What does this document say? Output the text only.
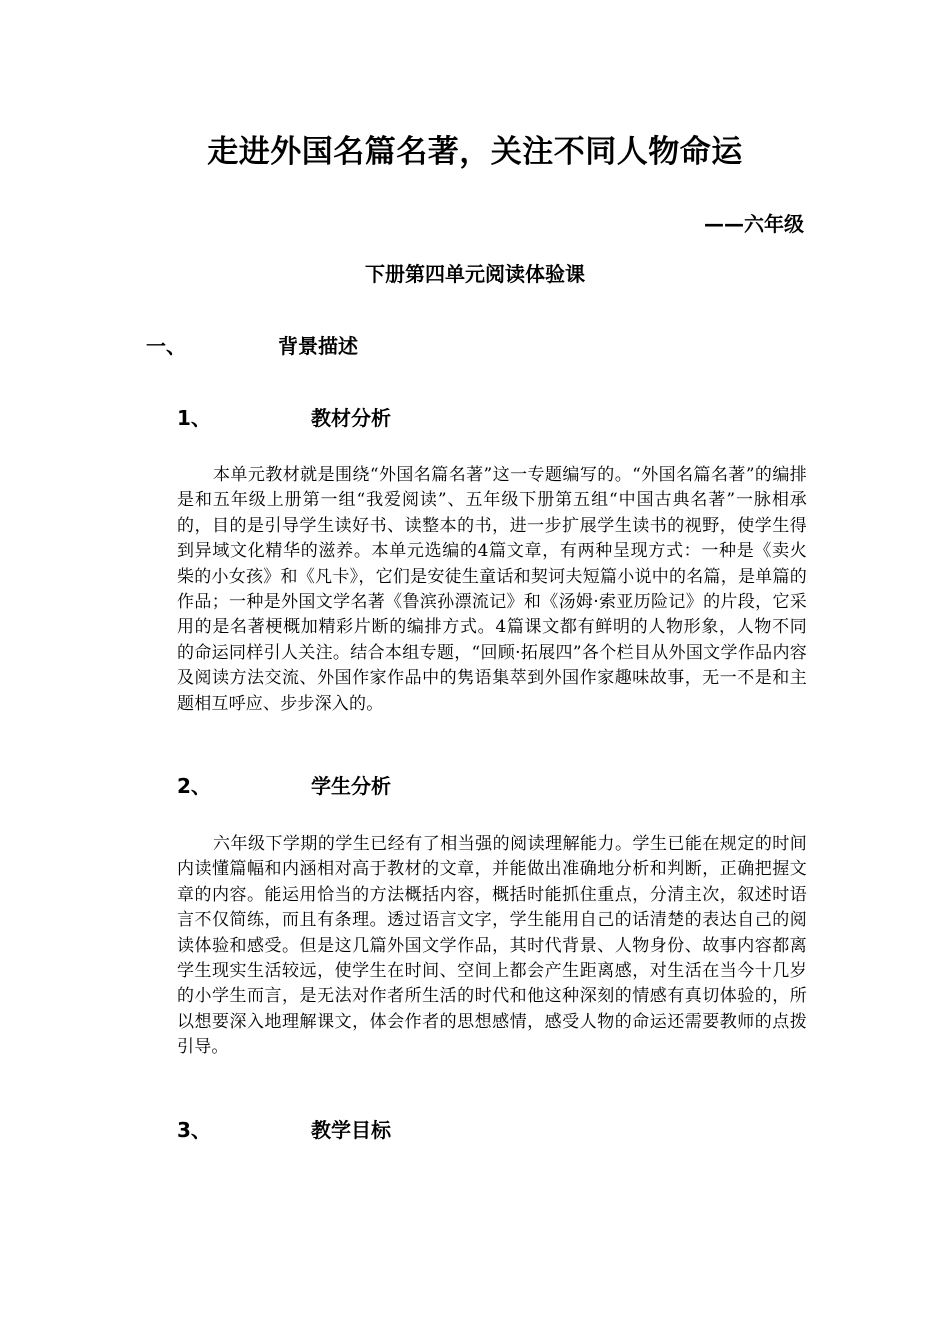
走进外国名篇名著，关注不同人物命运
——六年级
下册第四单元阅读体验课
一、	背景描述
1、	教材分析
本单元教材就是围绕“外国名篇名著”这一专题编写的。“外国名篇名著”的编排是和五年级上册第一组“我爱阅读”、五年级下册第五组“中国古典名著”一脉相承的，目的是引导学生读好书、读整本的书，进一步扩展学生读书的视野，使学生得到异域文化精华的滋养。本单元选编的4篇文章，有两种呈现方式：一种是《卖火柴的小女孩》和《凡卡》，它们是安徒生童话和契诃夫短篇小说中的名篇，是单篇的作品；一种是外国文学名著《鲁滨孙漂流记》和《汤姆·索亚历险记》的片段，它采用的是名著梗概加精彩片断的编排方式。4篇课文都有鲜明的人物形象，人物不同的命运同样引人关注。结合本组专题，“回顾·拓展四”各个栏目从外国文学作品内容及阅读方法交流、外国作家作品中的隽语集萃到外国作家趣味故事，无一不是和主题相互呼应、步步深入的。
2、	学生分析
六年级下学期的学生已经有了相当强的阅读理解能力。学生已能在规定的时间内读懂篇幅和内涵相对高于教材的文章，并能做出准确地分析和判断，正确把握文章的内容。能运用恰当的方法概括内容，概括时能抓住重点，分清主次，叙述时语言不仅简练，而且有条理。透过语言文字，学生能用自己的话清楚的表达自己的阅读体验和感受。但是这几篇外国文学作品，其时代背景、人物身份、故事内容都离学生现实生活较远，使学生在时间、空间上都会产生距离感，对生活在当今十几岁的小学生而言，是无法对作者所生活的时代和他这种深刻的情感有真切体验的，所以想要深入地理解课文，体会作者的思想感情，感受人物的命运还需要教师的点拨引导。
3、	教学目标
